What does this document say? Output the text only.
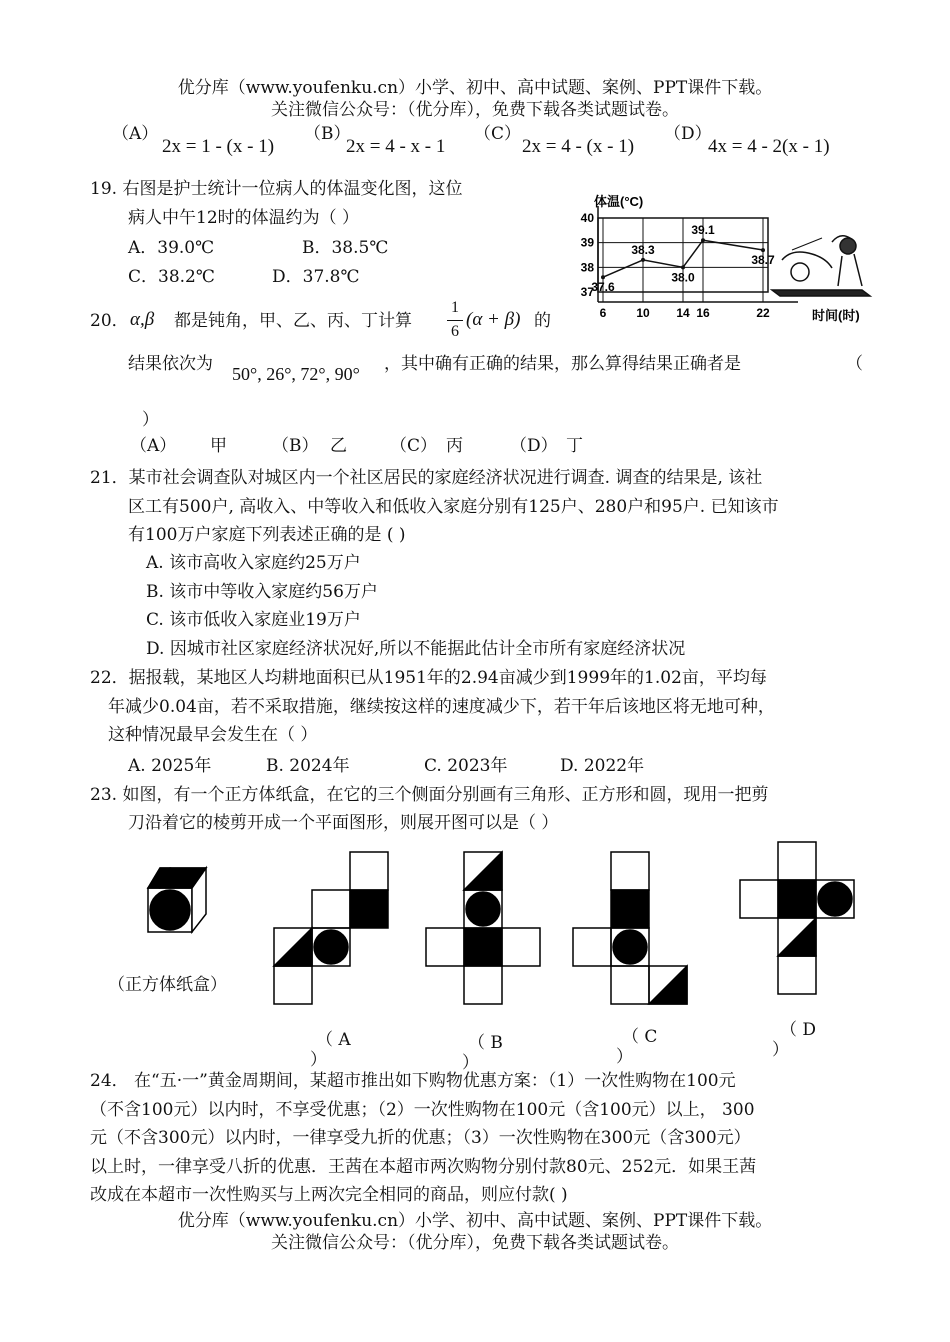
优分库（www.youfenku.cn）小学、初中、高中试题、案例、PPT课件下载。
关注微信公众号：（优分库），免费下载各类试题试卷。
（A）
2x = 1 - (x - 1)
（B）
2x = 4 - x - 1
（C）
2x = 4 - (x - 1)
（D）
4x = 4 - 2(x - 1)
19. 右图是护士统计一位病人的体温变化图，这位
病人中午12时的体温约为（ ）
A．39.0℃	B．38.5℃
C．38.2℃	D．37.8℃
体温(°C)
时间(时)
37
38
39
40
6 10 14 16	22
37.6
38.3
38.0
39.1
38.7
20． α,β 都是钝角，甲、乙、丙、丁计算
1
6
(α + β) 的
结果依次为 50°, 26°, 72°, 90° ，其中确有正确的结果，那么算得结果正确者是	（
）
（A） 甲	（B） 乙	（C） 丙	（D） 丁
21．某市社会调查队对城区内一个社区居民的家庭经济状况进行调查. 调查的结果是, 该社
区工有500户, 高收入、中等收入和低收入家庭分别有125户、280户和95户. 已知该市
有100万户家庭下列表述正确的是 ( )
A. 该市高收入家庭约25万户
B. 该市中等收入家庭约56万户
C. 该市低收入家庭业19万户
D. 因城市社区家庭经济状况好,所以不能据此估计全市所有家庭经济状况
22．据报载，某地区人均耕地面积已从1951年的2.94亩减少到1999年的1.02亩，平均每
年减少0.04亩，若不采取措施，继续按这样的速度减少下，若干年后该地区将无地可种，
这种情况最早会发生在（ ）
A. 2025年	B. 2024年	C. 2023年	D. 2022年
23. 如图，有一个正方体纸盒，在它的三个侧面分别画有三角形、正方形和圆，现用一把剪
刀沿着它的棱剪开成一个平面图形，则展开图可以是（ ）
（正方体纸盒）
（ A
）
（ B
）
（ C
）
（ D
）
24． 在“五·一”黄金周期间，某超市推出如下购物优惠方案：（1）一次性购物在100元
（不含100元）以内时，不享受优惠；（2）一次性购物在100元（含100元）以上， 300
元（不含300元）以内时，一律享受九折的优惠；（3）一次性购物在300元（含300元）
以上时，一律享受八折的优惠．王茜在本超市两次购物分别付款80元、252元．如果王茜
改成在本超市一次性购买与上两次完全相同的商品，则应付款( )
优分库（www.youfenku.cn）小学、初中、高中试题、案例、PPT课件下载。
关注微信公众号：（优分库），免费下载各类试题试卷。
